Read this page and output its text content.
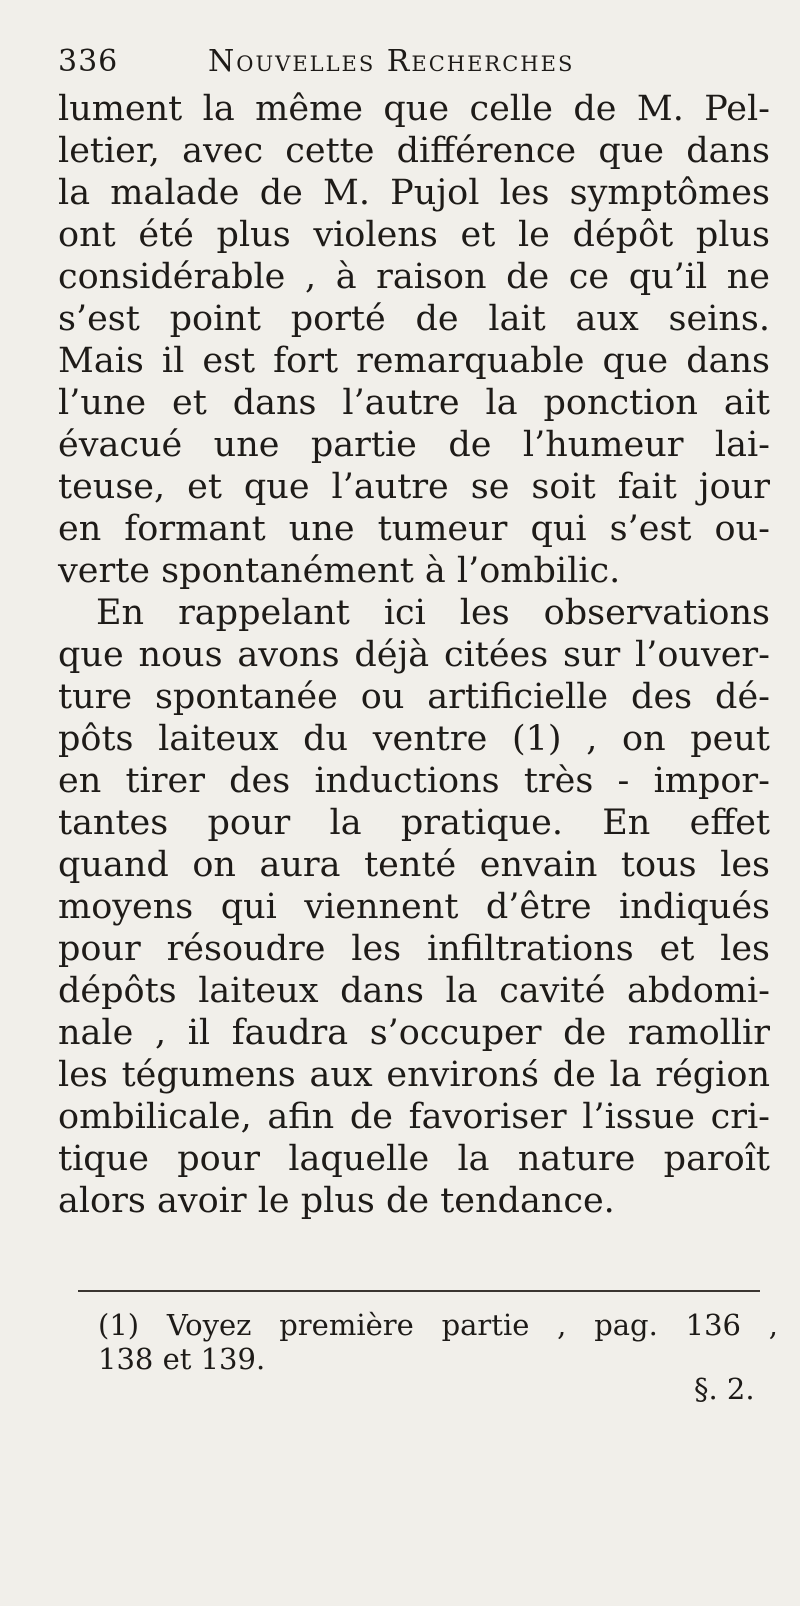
336	Nouvelles Recherches
lument la même que celle de M. Pel-
letier, avec cette différence que dans
la malade de M. Pujol les symptômes
ont été plus violens et le dépôt plus
considérable , à raison de ce qu’il ne
s’est point porté de lait aux seins.
Mais il est fort remarquable que dans
l’une et dans l’autre la ponction ait
évacué une partie de l’humeur lai-
teuse, et que l’autre se soit fait jour
en formant une tumeur qui s’est ou-
verte spontanément à l’ombilic.
En rappelant ici les observations
que nous avons déjà citées sur l’ouver-
ture spontanée ou artificielle des dé-
pôts laiteux du ventre (1) , on peut
en tirer des inductions très - impor-
tantes pour la pratique. En effet
quand on aura tenté envain tous les
moyens qui viennent d’être indiqués
pour résoudre les infiltrations et les
dépôts laiteux dans la cavité abdomi-
nale , il faudra s’occuper de ramollir
les tégumens aux environś de la région
ombilicale, afin de favoriser l’issue cri-
tique pour laquelle la nature paroît
alors avoir le plus de tendance.
(1) Voyez première partie , pag. 136 ,
138 et 139.
§. 2.
